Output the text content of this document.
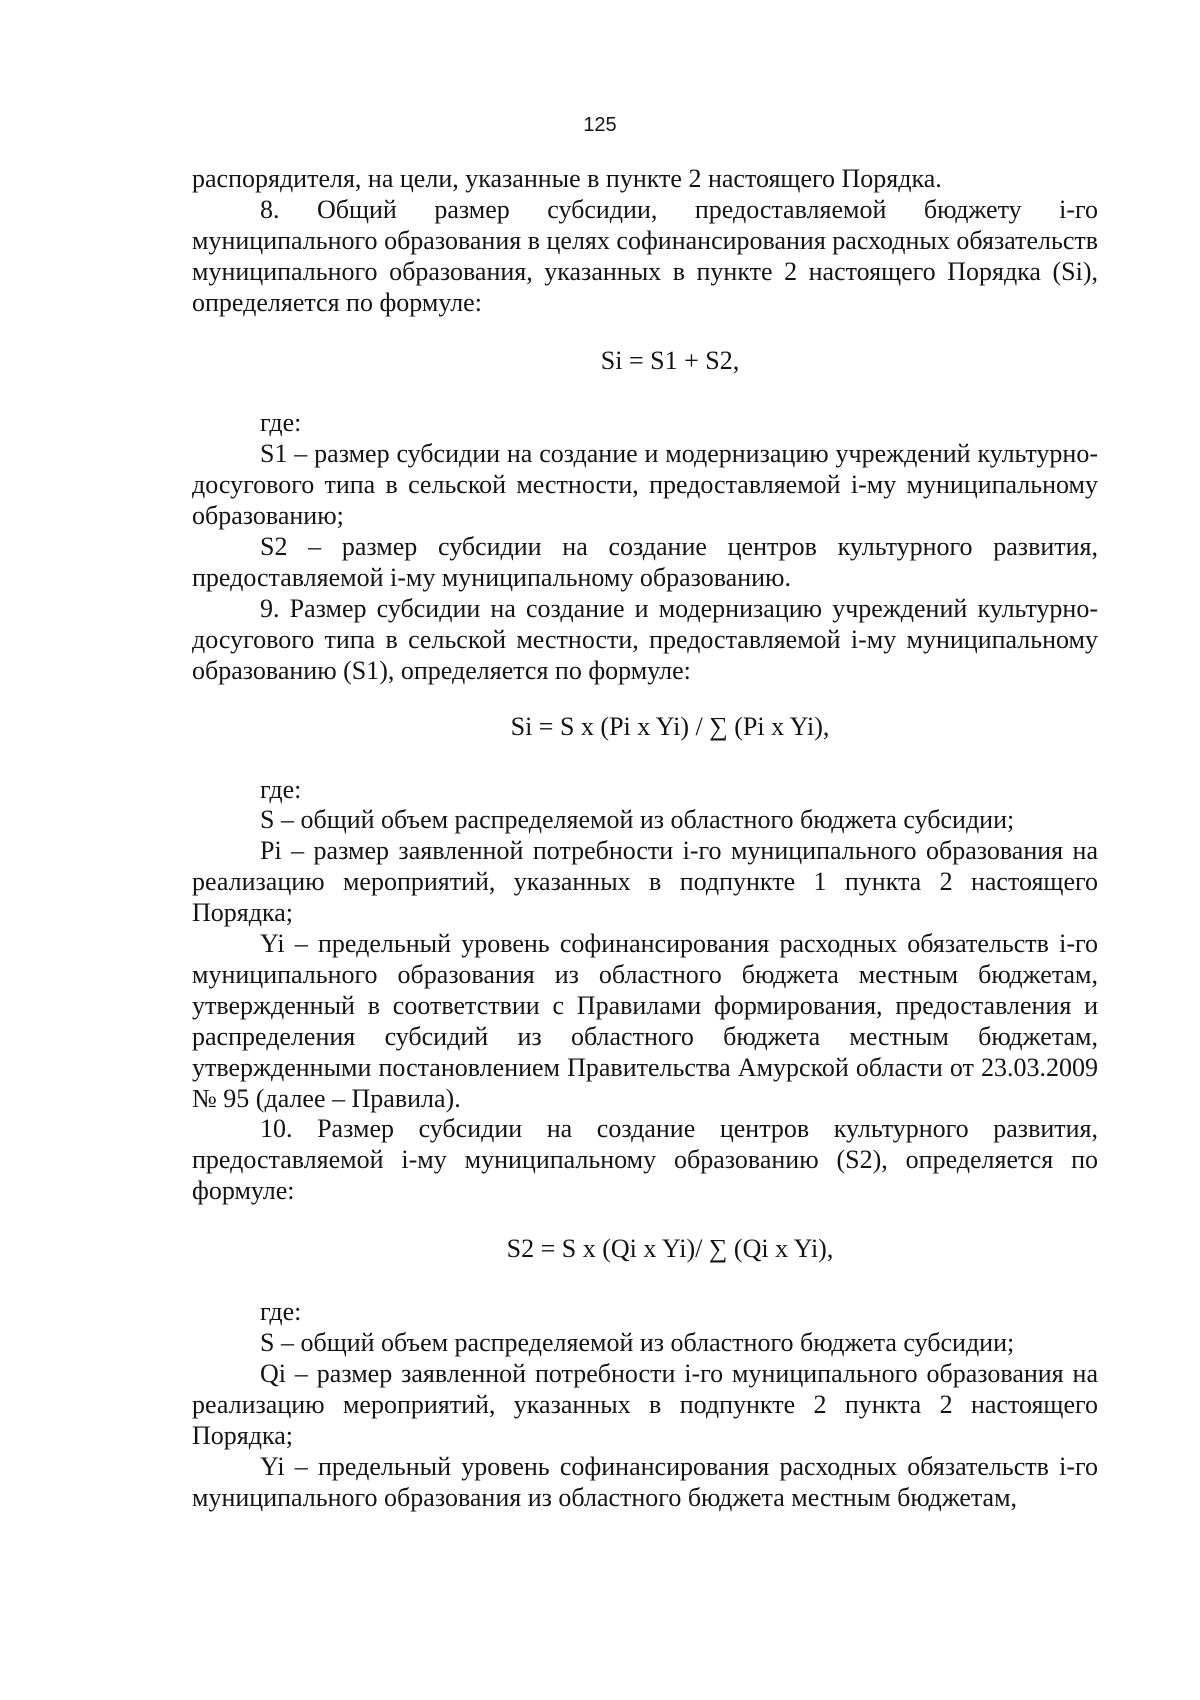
125

распорядителя, на цели, указанные в пункте 2 настоящего Порядка.

8. Общий размер субсидии, предоставляемой бюджету i-го муниципального образования в целях софинансирования расходных обязательств муниципального образования, указанных в пункте 2 настоящего Порядка (Si), определяется по формуле:

Si = S1 + S2,

где:

S1 – размер субсидии на создание и модернизацию учреждений культурно-досугового типа в сельской местности, предоставляемой i-му муниципальному образованию;

S2 – размер субсидии на создание центров культурного развития, предоставляемой i-му муниципальному образованию.

9. Размер субсидии на создание и модернизацию учреждений культурно-досугового типа в сельской местности, предоставляемой i-му муниципальному образованию (S1), определяется по формуле:

Si = S x (Pi x Yi) / ∑ (Pi x Yi),

где:

S – общий объем распределяемой из областного бюджета субсидии;

Pi – размер заявленной потребности i-го муниципального образования на реализацию мероприятий, указанных в подпункте 1 пункта 2 настоящего Порядка;

Yi – предельный уровень софинансирования расходных обязательств i-го муниципального образования из областного бюджета местным бюджетам, утвержденный в соответствии с Правилами формирования, предоставления и распределения субсидий из областного бюджета местным бюджетам, утвержденными постановлением Правительства Амурской области от 23.03.2009 № 95 (далее – Правила).

10. Размер субсидии на создание центров культурного развития, предоставляемой i-му муниципальному образованию (S2), определяется по формуле:

S2 = S x (Qi x Yi)/ ∑ (Qi x Yi),

где:

S – общий объем распределяемой из областного бюджета субсидии;

Qi – размер заявленной потребности i-го муниципального образования на реализацию мероприятий, указанных в подпункте 2 пункта 2 настоящего Порядка;

Yi – предельный уровень софинансирования расходных обязательств i-го муниципального образования из областного бюджета местным бюджетам,
